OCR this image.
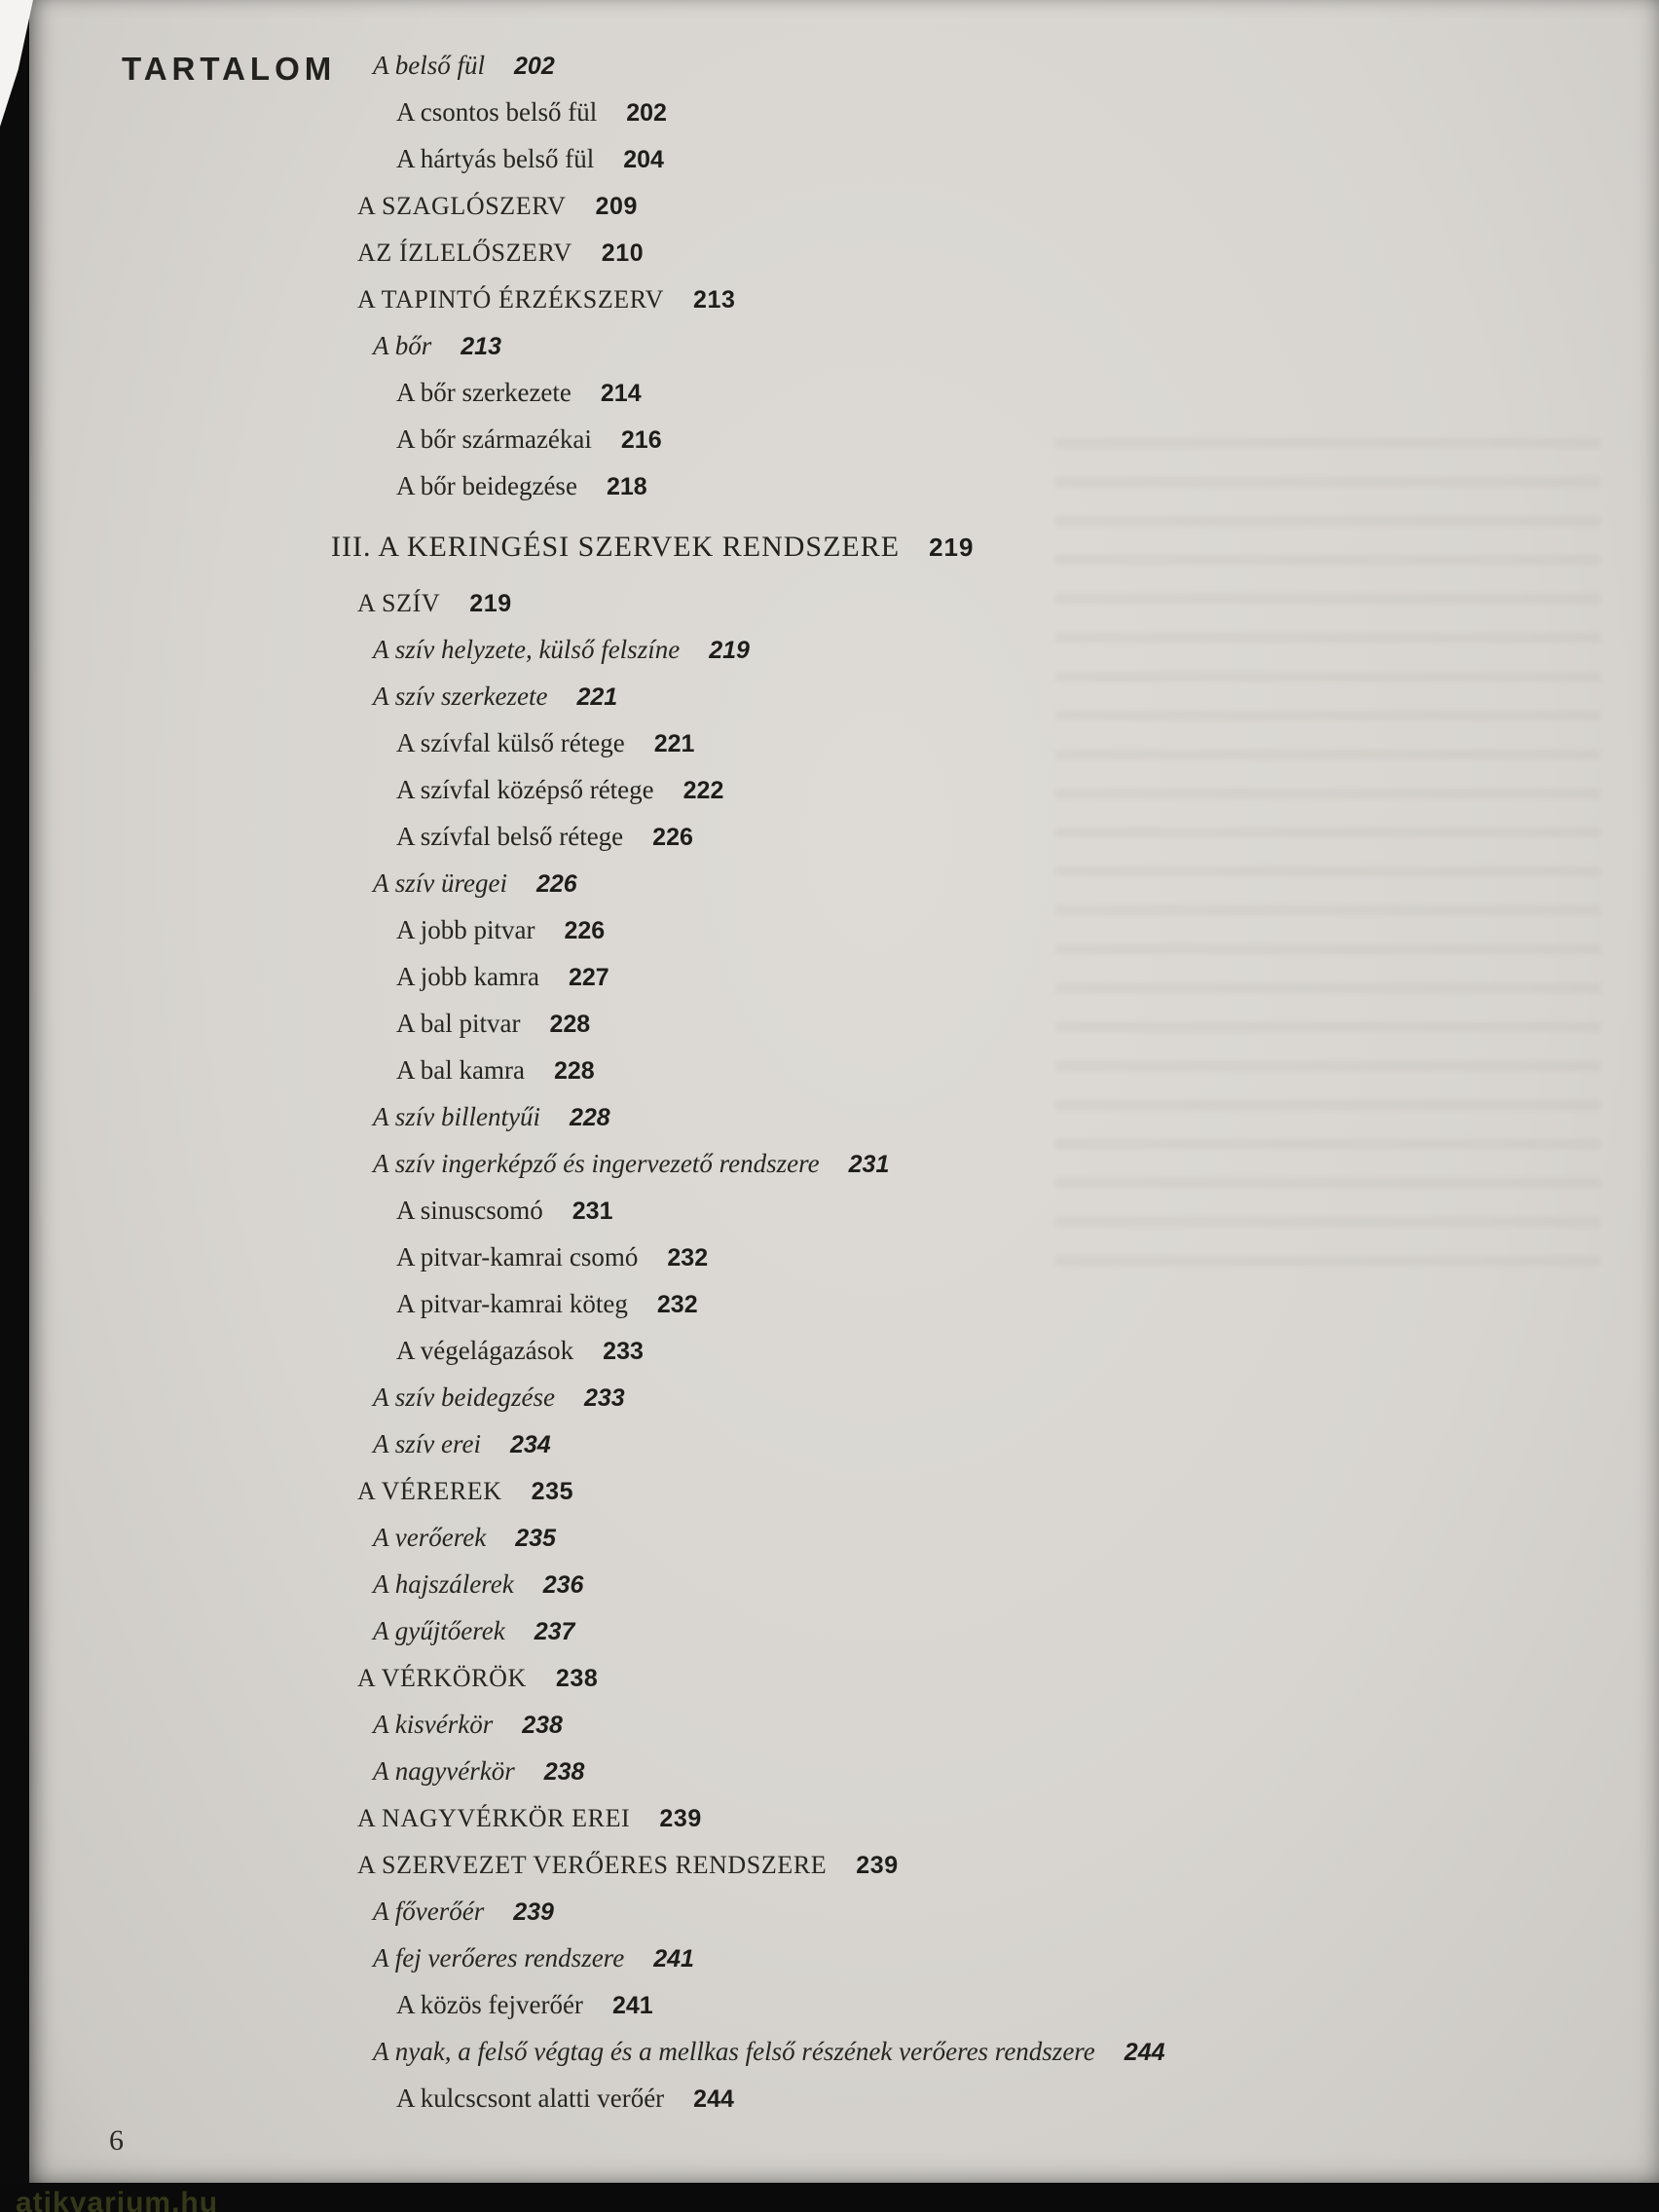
TARTALOM	A belső fül 202
A csontos belső fül 202
A hártyás belső fül 204
A SZAGLÓSZERV 209
AZ ÍZLELŐSZERV 210
A TAPINTÓ ÉRZÉKSZERV 213
A bőr 213
A bőr szerkezete 214
A bőr származékai 216
A bőr beidegzése 218
III. A KERINGÉSI SZERVEK RENDSZERE 219
A SZÍV 219
A szív helyzete, külső felszíne 219
A szív szerkezete 221
A szívfal külső rétege 221
A szívfal középső rétege 222
A szívfal belső rétege 226
A szív üregei 226
A jobb pitvar 226
A jobb kamra 227
A bal pitvar 228
A bal kamra 228
A szív billentyűi 228
A szív ingerképző és ingervezető rendszere 231
A sinuscsomó 231
A pitvar-kamrai csomó 232
A pitvar-kamrai köteg 232
A végelágazások 233
A szív beidegzése 233
A szív erei 234
A VÉREREK 235
A verőerek 235
A hajszálerek 236
A gyűjtőerek 237
A VÉRKÖRÖK 238
A kisvérkör 238
A nagyvérkör 238
A NAGYVÉRKÖR EREI 239
A SZERVEZET VERŐERES RENDSZERE 239
A főverőér 239
A fej verőeres rendszere 241
A közös fejverőér 241
A nyak, a felső végtag és a mellkas felső részének verőeres rendszere 244
A kulcscsont alatti verőér 244
6
atikvarium.hu
